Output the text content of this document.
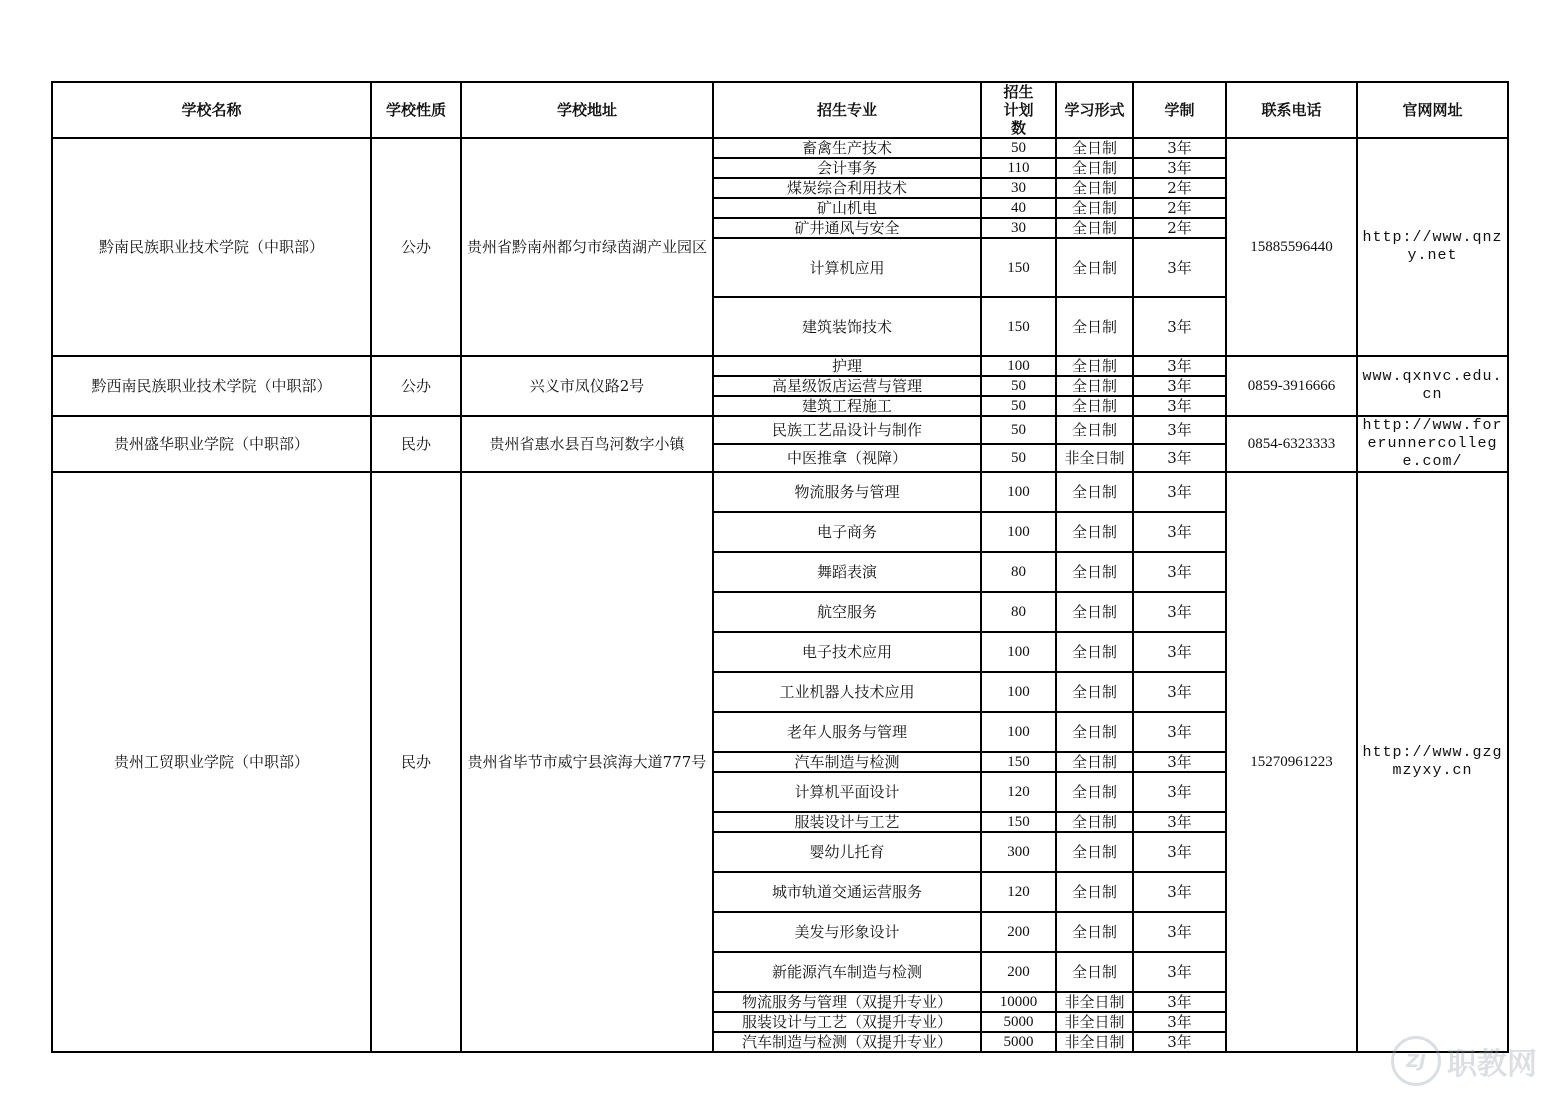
学校名称	学校性质	学校地址	招生专业	招生计划数	学习形式	学制	联系电话	官网网址
黔南民族职业技术学院（中职部）	公办	贵州省黔南州都匀市绿茵湖产业园区	畜禽生产技术	50	全日制	3年	15885596440	http://www.qnzy.net
			会计事务	110	全日制	3年		
			煤炭综合利用技术	30	全日制	2年		
			矿山机电	40	全日制	2年		
			矿井通风与安全	30	全日制	2年		
			计算机应用	150	全日制	3年		
			建筑装饰技术	150	全日制	3年		
黔西南民族职业技术学院（中职部）	公办	兴义市凤仪路2号	护理	100	全日制	3年	0859-3916666	www.qxnvc.edu.cn
			高星级饭店运营与管理	50	全日制	3年		
			建筑工程施工	50	全日制	3年		
贵州盛华职业学院（中职部）	民办	贵州省惠水县百鸟河数字小镇	民族工艺品设计与制作	50	全日制	3年	0854-6323333	http://www.forerunnercollege.com/
			中医推拿（视障）	50	非全日制	3年		
贵州工贸职业学院（中职部）	民办	贵州省毕节市威宁县滨海大道777号	物流服务与管理	100	全日制	3年	15270961223	http://www.gzgmzyxy.cn
			电子商务	100	全日制	3年		
			舞蹈表演	80	全日制	3年		
			航空服务	80	全日制	3年		
			电子技术应用	100	全日制	3年		
			工业机器人技术应用	100	全日制	3年		
			老年人服务与管理	100	全日制	3年		
			汽车制造与检测	150	全日制	3年		
			计算机平面设计	120	全日制	3年		
			服装设计与工艺	150	全日制	3年		
			婴幼儿托育	300	全日制	3年		
			城市轨道交通运营服务	120	全日制	3年		
			美发与形象设计	200	全日制	3年		
			新能源汽车制造与检测	200	全日制	3年		
			物流服务与管理（双提升专业）	10000	非全日制	3年		
			服装设计与工艺（双提升专业）	5000	非全日制	3年		
			汽车制造与检测（双提升专业）	5000	非全日制	3年		
ZJ 职教网
